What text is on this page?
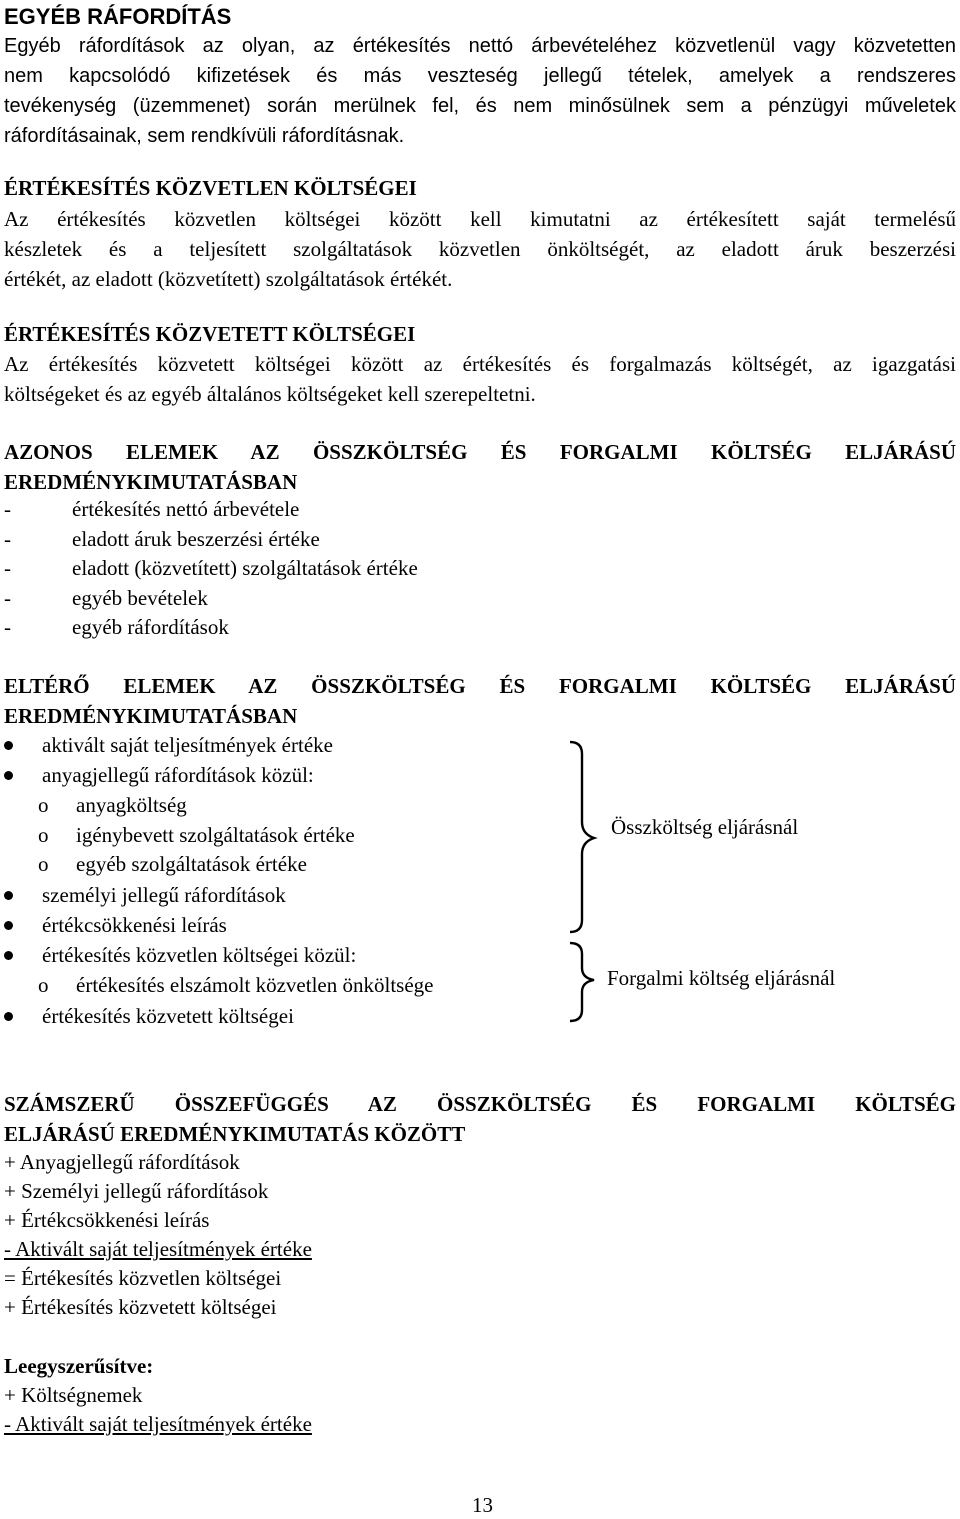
EGYÉB RÁFORDÍTÁS
Egyéb ráfordítások az olyan, az értékesítés nettó árbevételéhez közvetlenül vagy közvetetten
nem kapcsolódó kifizetések és más veszteség jellegű tételek, amelyek a rendszeres
tevékenység (üzemmenet) során merülnek fel, és nem minősülnek sem a pénzügyi műveletek
ráfordításainak, sem rendkívüli ráfordításnak.
ÉRTÉKESÍTÉS KÖZVETLEN KÖLTSÉGEI
Az értékesítés közvetlen költségei között kell kimutatni az értékesített saját termelésű
készletek és a teljesített szolgáltatások közvetlen önköltségét, az eladott áruk beszerzési
értékét, az eladott (közvetített) szolgáltatások értékét.
ÉRTÉKESÍTÉS KÖZVETETT KÖLTSÉGEI
Az értékesítés közvetett költségei között az értékesítés és forgalmazás költségét, az igazgatási
költségeket és az egyéb általános költségeket kell szerepeltetni.
AZONOS ELEMEK AZ ÖSSZKÖLTSÉG ÉS FORGALMI KÖLTSÉG ELJÁRÁSÚ
EREDMÉNYKIMUTATÁSBAN
-	értékesítés nettó árbevétele
-	eladott áruk beszerzési értéke
-	eladott (közvetített) szolgáltatások értéke
-	egyéb bevételek
-	egyéb ráfordítások
ELTÉRŐ ELEMEK AZ ÖSSZKÖLTSÉG ÉS FORGALMI KÖLTSÉG ELJÁRÁSÚ
EREDMÉNYKIMUTATÁSBAN
aktivált saját teljesítmények értéke
anyagjellegű ráfordítások közül:
o anyagköltség
o igénybevett szolgáltatások értéke
o egyéb szolgáltatások értéke
személyi jellegű ráfordítások
értékcsökkenési leírás
értékesítés közvetlen költségei közül:
o értékesítés elszámolt közvetlen önköltsége
értékesítés közvetett költségei
Összköltség eljárásnál
Forgalmi költség eljárásnál
SZÁMSZERŰ ÖSSZEFÜGGÉS AZ ÖSSZKÖLTSÉG ÉS FORGALMI KÖLTSÉG
ELJÁRÁSÚ EREDMÉNYKIMUTATÁS KÖZÖTT
+ Anyagjellegű ráfordítások
+ Személyi jellegű ráfordítások
+ Értékcsökkenési leírás
- Aktivált saját teljesítmények értéke
= Értékesítés közvetlen költségei
+ Értékesítés közvetett költségei
Leegyszerűsítve:
+ Költségnemek
- Aktivált saját teljesítmények értéke
13
